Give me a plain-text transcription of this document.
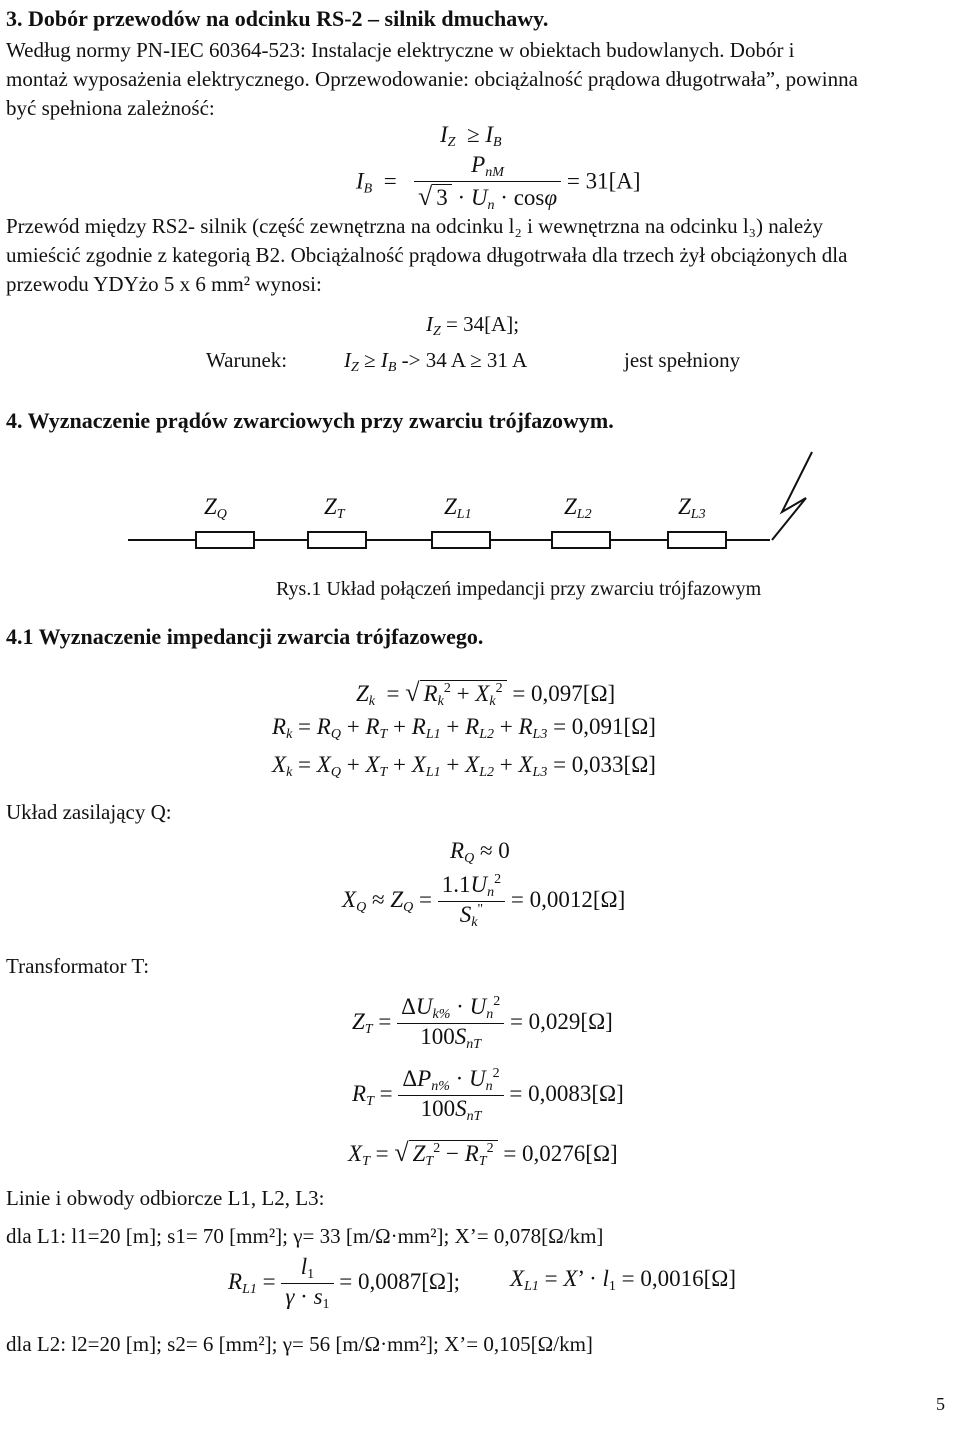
3. Dobór przewodów na odcinku RS-2 – silnik dmuchawy.
Według normy PN-IEC 60364-523: Instalacje elektryczne w obiektach budowlanych. Dobór i
montaż wyposażenia elektrycznego. Oprzewodowanie: obciążalność prądowa długotrwała”, powinna
być spełniona zależność:
$I_Z \ge I_B$
$I_B = \frac{P_{nM}}{√ 3 \cdot U_n \cdot \cos\varphi} = 31[A]$
Przewód między RS2- silnik (część zewnętrzna na odcinku l₂ i wewnętrzna na odcinku l₃) należy
umieścić zgodnie z kategorią B2. Obciążalność prądowa długotrwała dla trzech żył obciążonych dla
przewodu YDYżo 5 x 6 mm² wynosi:
$I_Z = 34[A]$;
Warunek:	$I_Z \ge I_B -> 34$ A ≥ 31 A	jest spełniony
4. Wyznaczenie prądów zwarciowych przy zwarciu trójfazowym.
$Z_Q$	$Z_T$	$Z_{L1}$	$Z_{L2}$	$Z_{L3}$
Rys.1 Układ połączeń impedancji przy zwarciu trójfazowym
4.1 Wyznaczenie impedancji zwarcia trójfazowego.
$Z_k$  = √ $R_k^2 + X_k^2 = 0,097[\Omega]$
$R_k = R_Q + R_T + R_{L1} + R_{L2} + R_{L3} = 0,091[\Omega]$
$X_k = X_Q + X_T + X_{L1} + X_{L2} + X_{L3} = 0,033[\Omega]$
Układ zasilający Q:
$R_Q \approx 0$
$X_Q \approx Z_Q = \frac{1.1U_n^2}{S_k^"} = 0,0012[\Omega]$
Transformator T:
$Z_T = \frac{\Delta U_{k\%} \cdot U_n^2}{100S_{nT}} = 0,029[\Omega]$
$R_T = \frac{\Delta P_{n\%} \cdot U_n^2}{100S_{nT}} = 0,0083[\Omega]$
$X_T$ = √ $Z_T^2 - R_T^2 = 0,0276[\Omega]$
Linie i obwody odbiorcze L1, L2, L3:
dla L1: l1=20 [m]; s1= 70 [mm²]; γ= 33 [m/Ω·mm²]; X’= 0,078[Ω/km]
$R_{L1} = \frac{l_1}{\gamma \cdot s_1} = 0,0087[\Omega]$; $X_{L1} = X$’ · $l_1 = 0,0016[\Omega]$
dla L2: l2=20 [m]; s2= 6 [mm²]; γ= 56 [m/Ω·mm²]; X’= 0,105[Ω/km]
5
